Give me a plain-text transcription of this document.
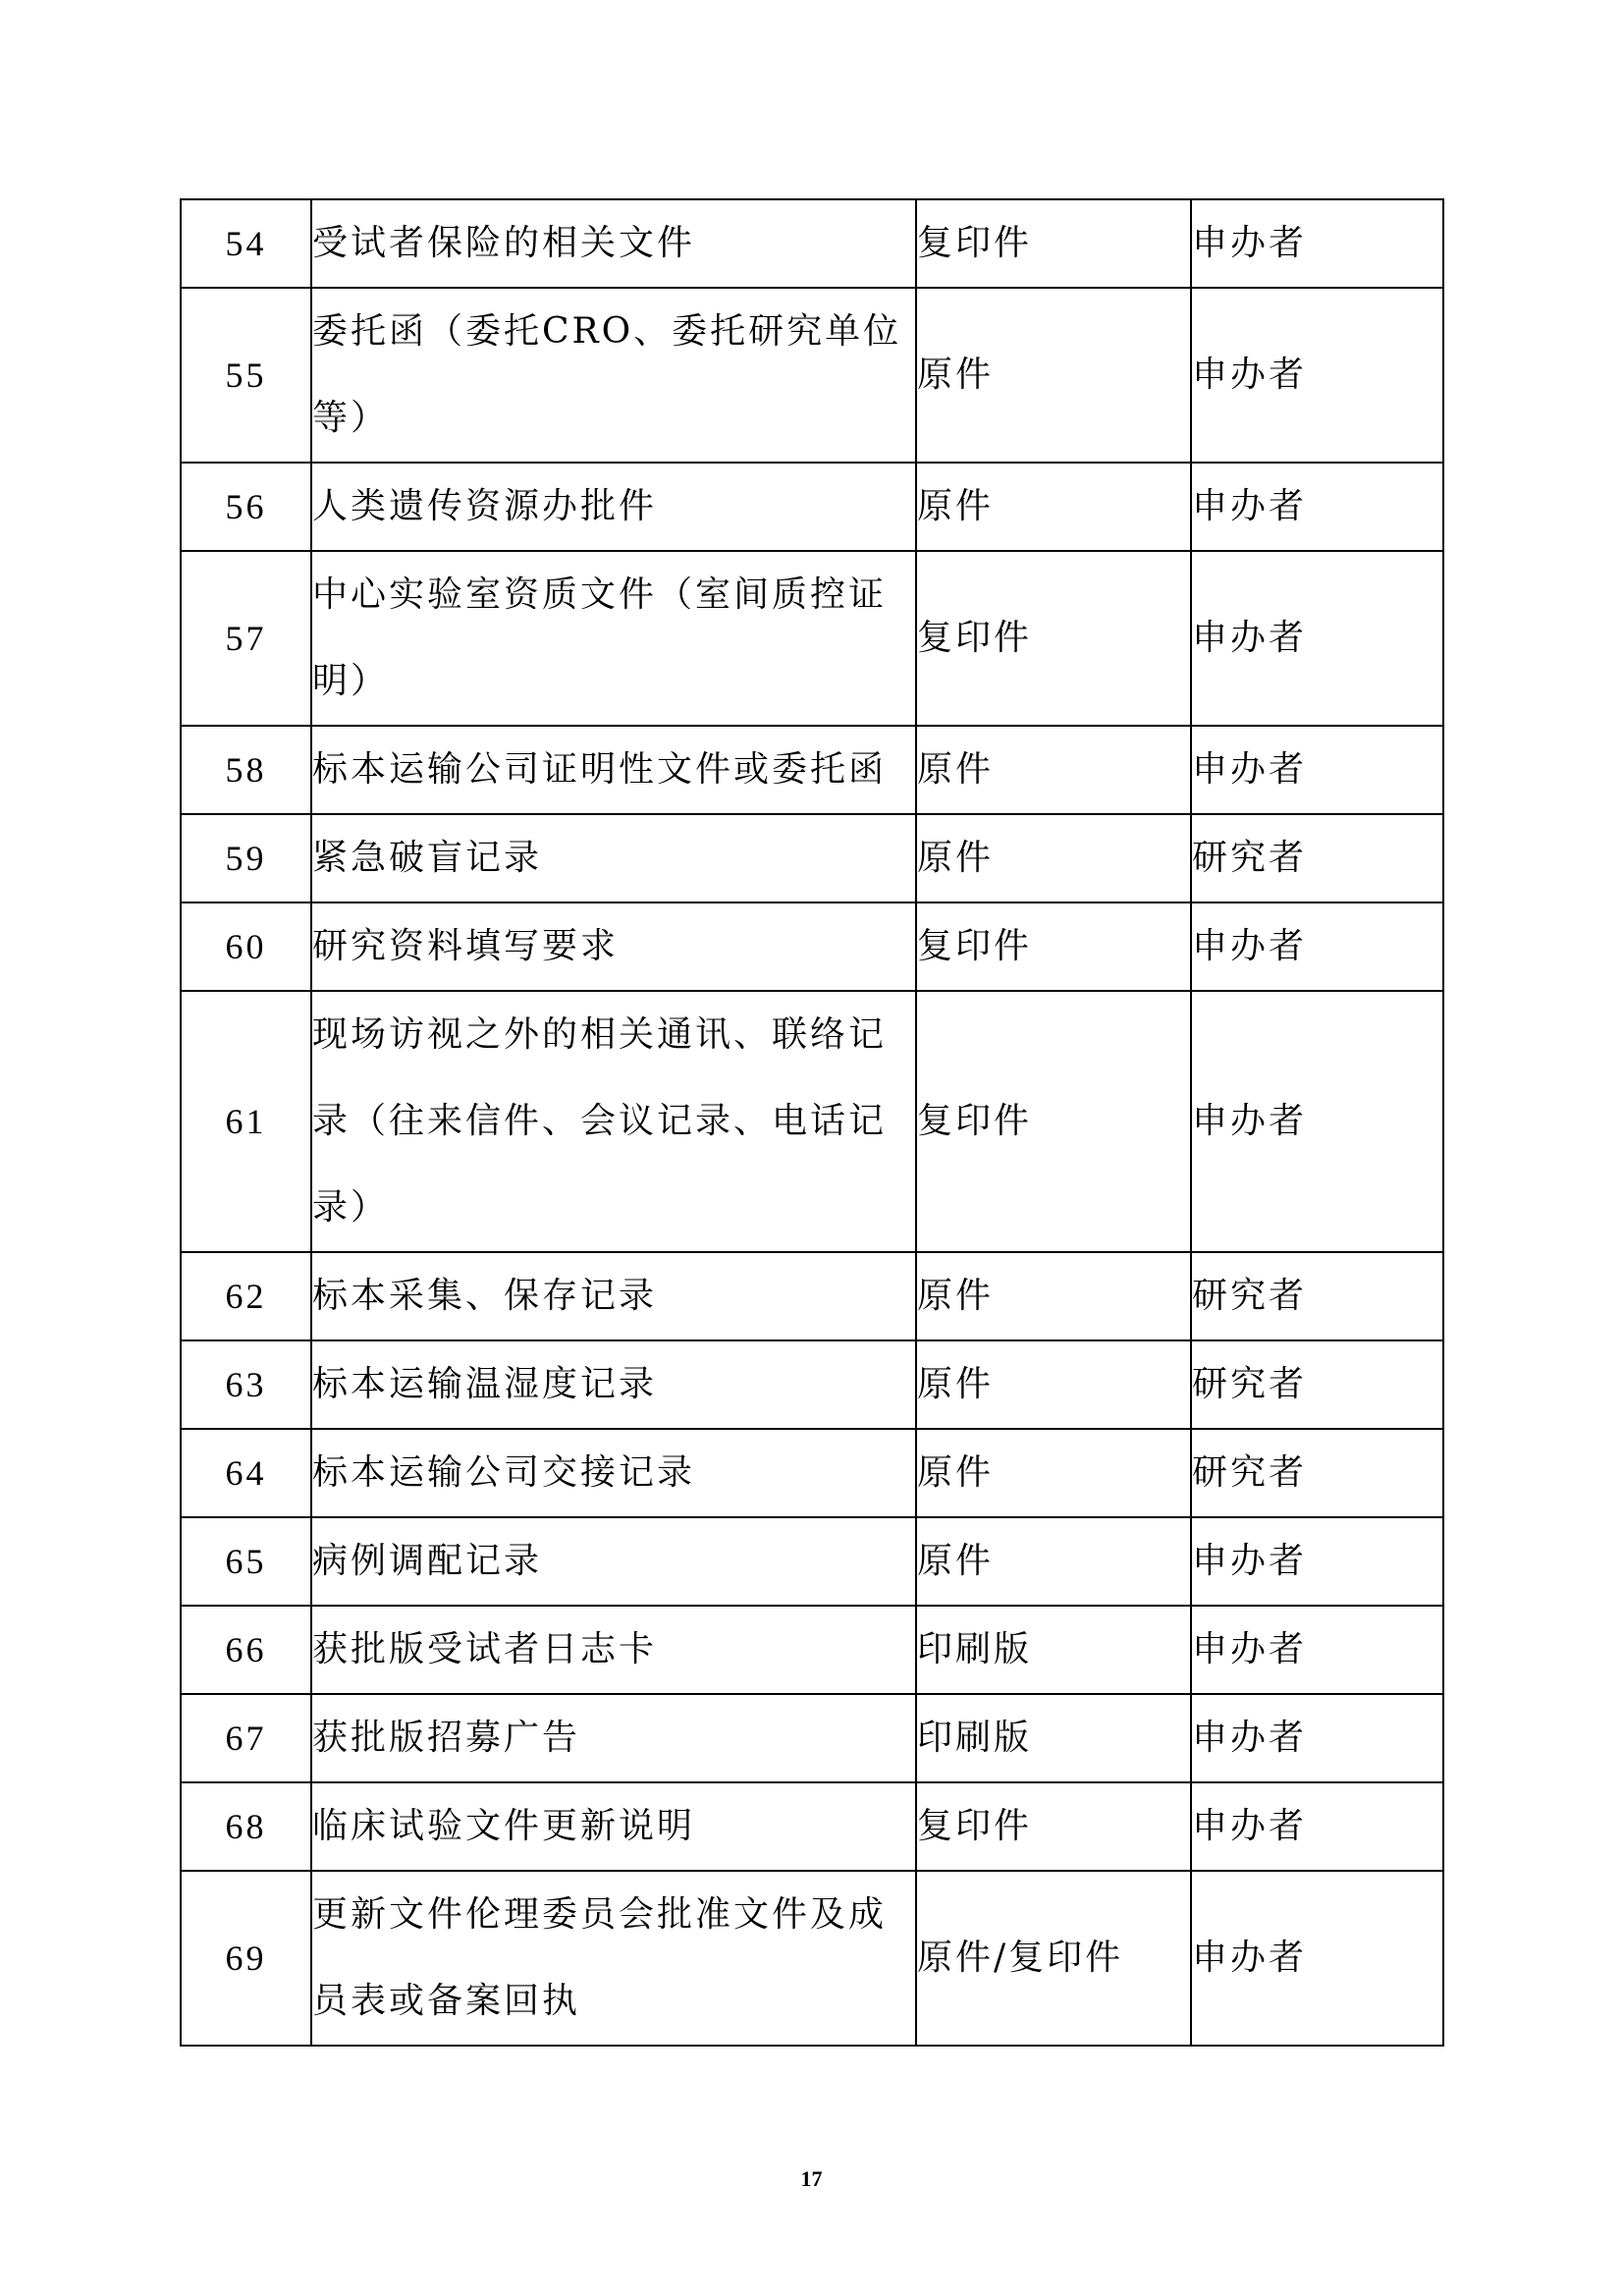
54	受试者保险的相关文件	复印件	申办者
55	委托函（委托CRO、委托研究单位等）	原件	申办者
56	人类遗传资源办批件	原件	申办者
57	中心实验室资质文件（室间质控证明）	复印件	申办者
58	标本运输公司证明性文件或委托函	原件	申办者
59	紧急破盲记录	原件	研究者
60	研究资料填写要求	复印件	申办者
61	现场访视之外的相关通讯、联络记录（往来信件、会议记录、电话记录）	复印件	申办者
62	标本采集、保存记录	原件	研究者
63	标本运输温湿度记录	原件	研究者
64	标本运输公司交接记录	原件	研究者
65	病例调配记录	原件	申办者
66	获批版受试者日志卡	印刷版	申办者
67	获批版招募广告	印刷版	申办者
68	临床试验文件更新说明	复印件	申办者
69	更新文件伦理委员会批准文件及成员表或备案回执	原件/复印件	申办者
17
